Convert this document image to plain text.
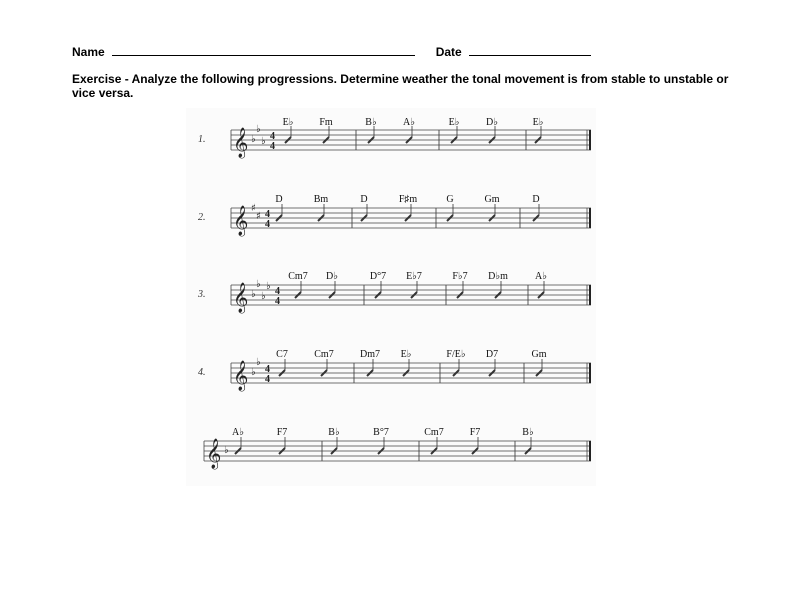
Name	Date
Exercise - Analyze the following progressions. Determine weather the tonal movement is from stable to unstable or vice versa.
1. 𝄞 ♭
♭
♭ 4
4
E♭	Fm	B♭	A♭	E♭	D♭	E♭
2. 𝄞 ♯
♯ 4
4
D	Bm	D	F♯m	G	Gm	D
3. 𝄞 ♭
♭
♭
♭ 4
4
Cm7 D♭	D°7 E♭7	F♭7 D♭m	A♭
4. 𝄞 ♭
♭
4
4
C7	Cm7	Dm7 E♭	F/E♭ D7	Gm
𝄞 ♭
A♭	F7	B♭	B°7	Cm7	F7	B♭
